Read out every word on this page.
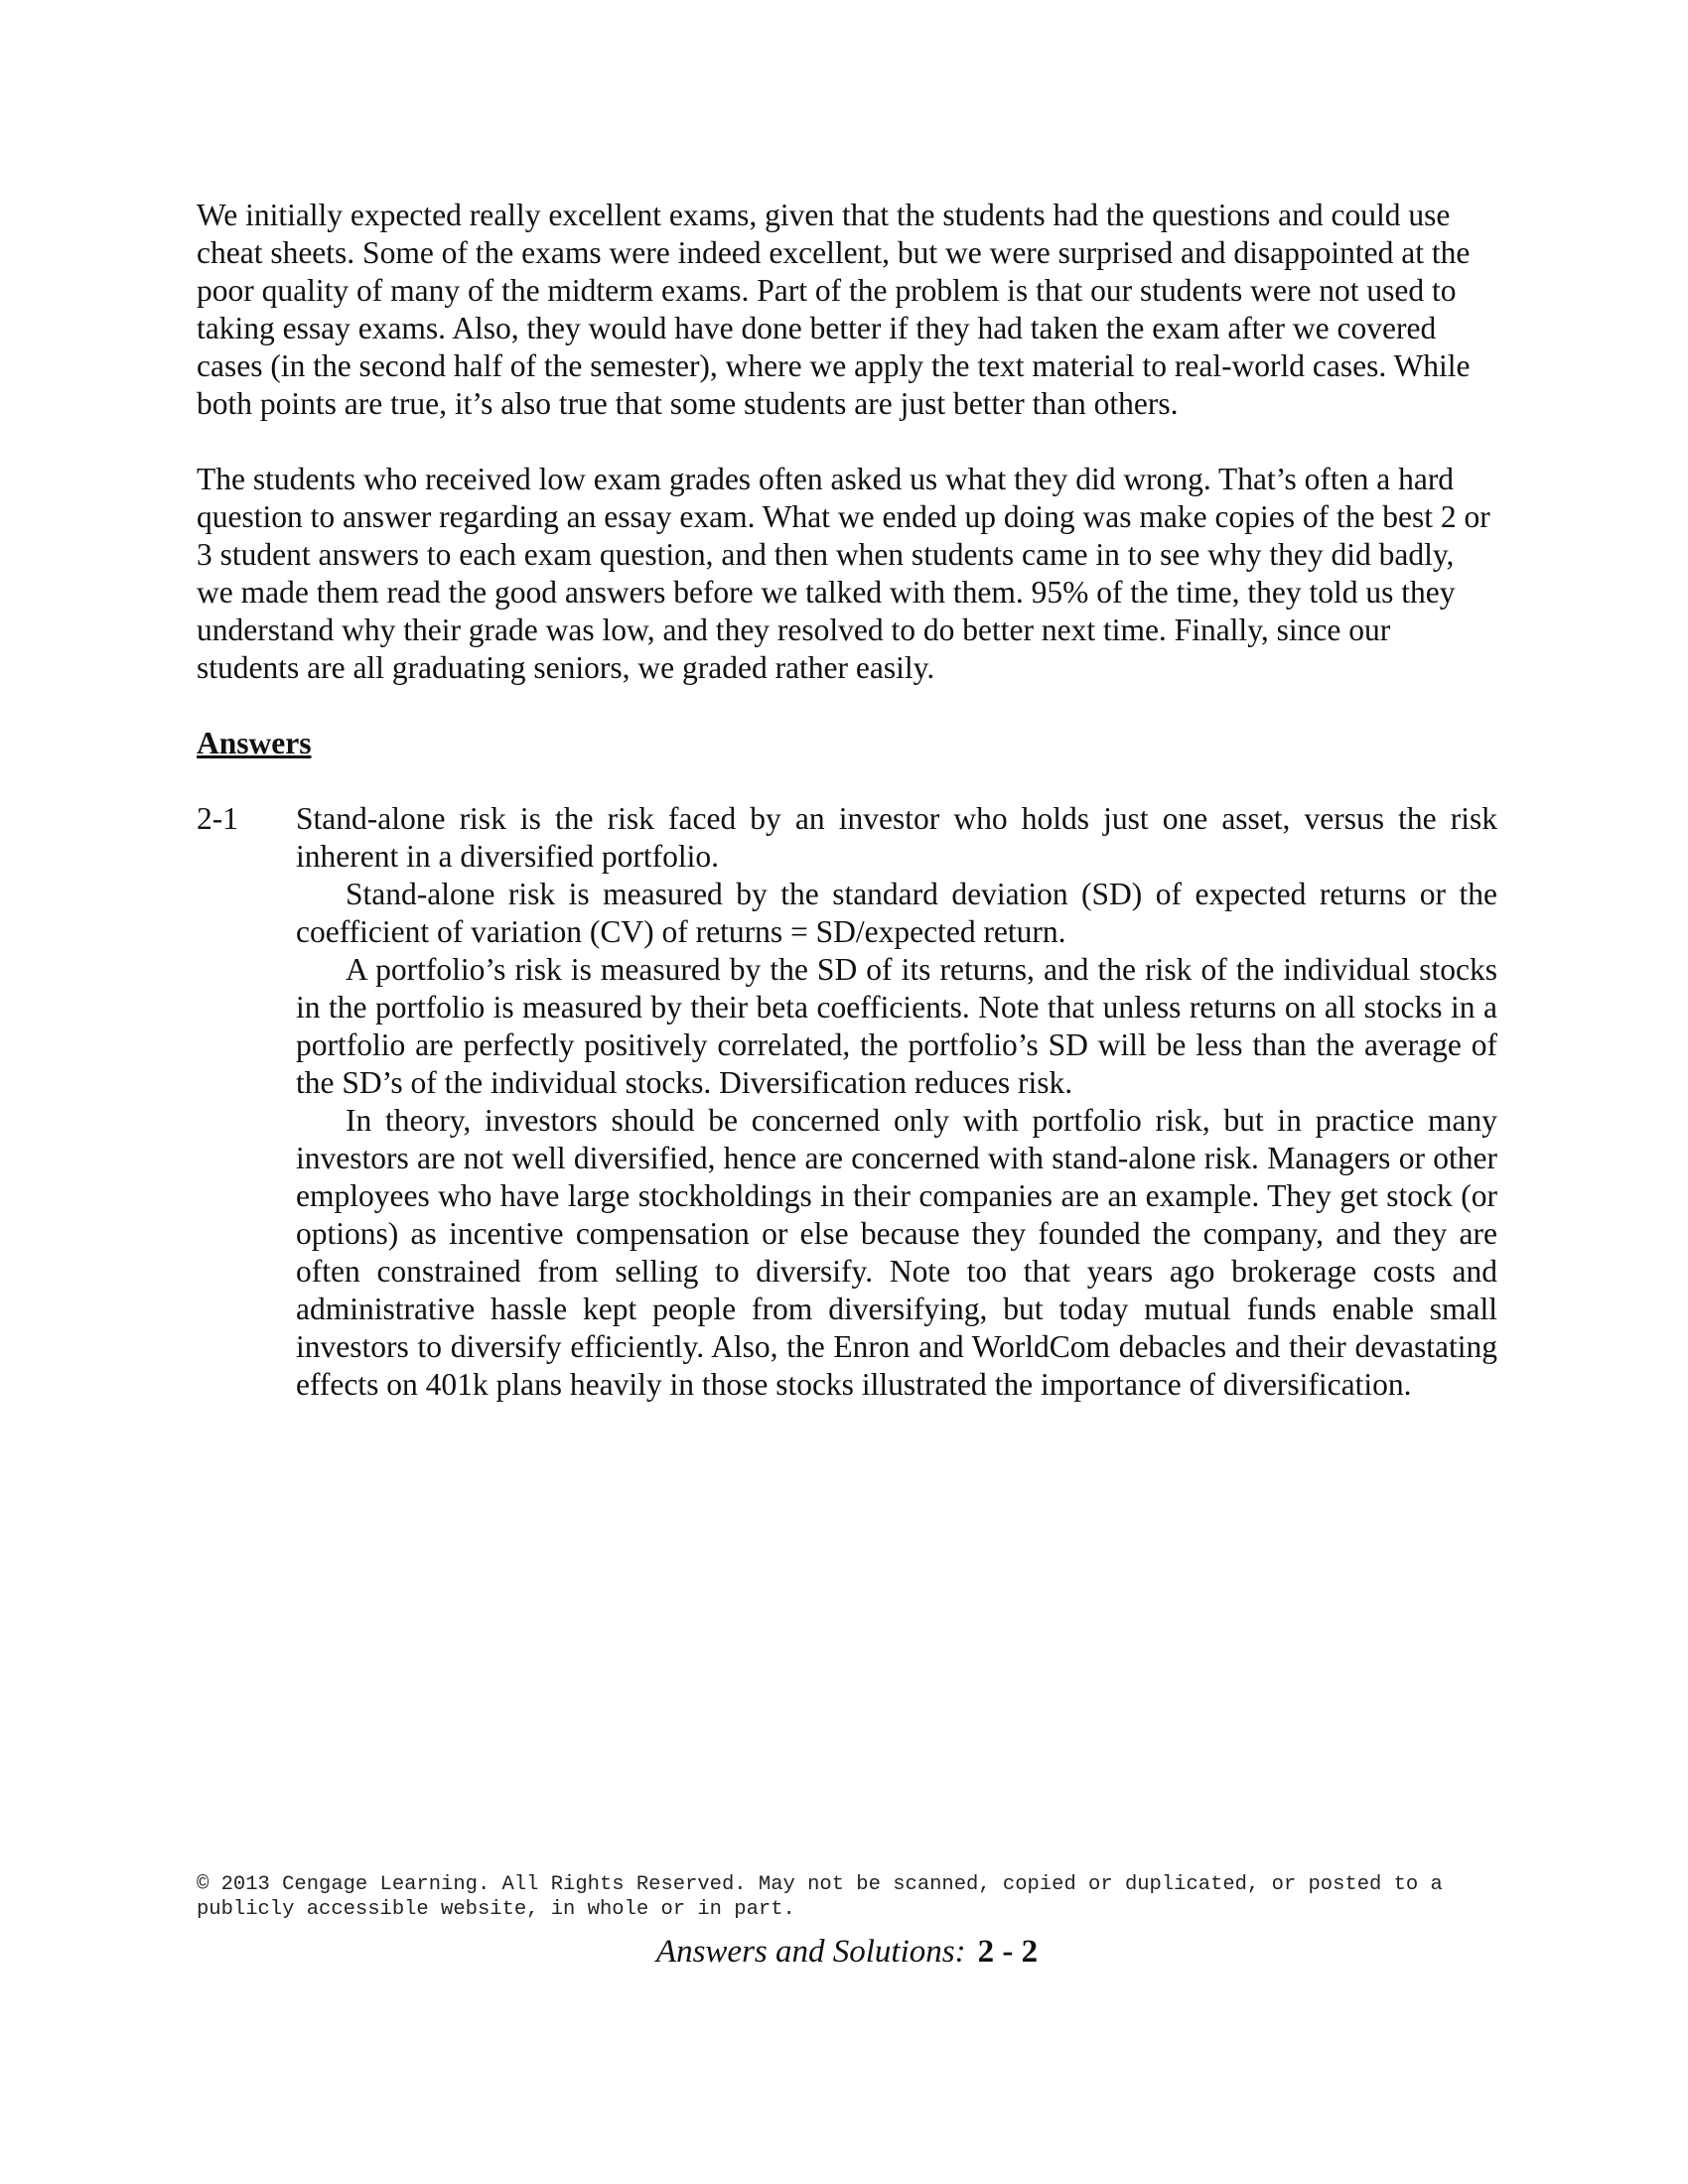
We initially expected really excellent exams, given that the students had the questions and could use cheat sheets. Some of the exams were indeed excellent, but we were surprised and disappointed at the poor quality of many of the midterm exams. Part of the problem is that our students were not used to taking essay exams. Also, they would have done better if they had taken the exam after we covered cases (in the second half of the semester), where we apply the text material to real-world cases. While both points are true, it’s also true that some students are just better than others.

The students who received low exam grades often asked us what they did wrong. That’s often a hard question to answer regarding an essay exam. What we ended up doing was make copies of the best 2 or 3 student answers to each exam question, and then when students came in to see why they did badly, we made them read the good answers before we talked with them. 95% of the time, they told us they understand why their grade was low, and they resolved to do better next time. Finally, since our students are all graduating seniors, we graded rather easily.

Answers
2-1	Stand-alone risk is the risk faced by an investor who holds just one asset, versus the risk inherent in a diversified portfolio.

Stand-alone risk is measured by the standard deviation (SD) of expected returns or the coefficient of variation (CV) of returns = SD/expected return.

A portfolio’s risk is measured by the SD of its returns, and the risk of the individual stocks in the portfolio is measured by their beta coefficients. Note that unless returns on all stocks in a portfolio are perfectly positively correlated, the portfolio’s SD will be less than the average of the SD’s of the individual stocks. Diversification reduces risk.

In theory, investors should be concerned only with portfolio risk, but in practice many investors are not well diversified, hence are concerned with stand-alone risk. Managers or other employees who have large stockholdings in their companies are an example. They get stock (or options) as incentive compensation or else because they founded the company, and they are often constrained from selling to diversify. Note too that years ago brokerage costs and administrative hassle kept people from diversifying, but today mutual funds enable small investors to diversify efficiently. Also, the Enron and WorldCom debacles and their devastating effects on 401k plans heavily in those stocks illustrated the importance of diversification.

© 2013 Cengage Learning. All Rights Reserved. May not be scanned, copied or duplicated, or posted to a publicly accessible website, in whole or in part.

Answers and Solutions: 2 - 2
